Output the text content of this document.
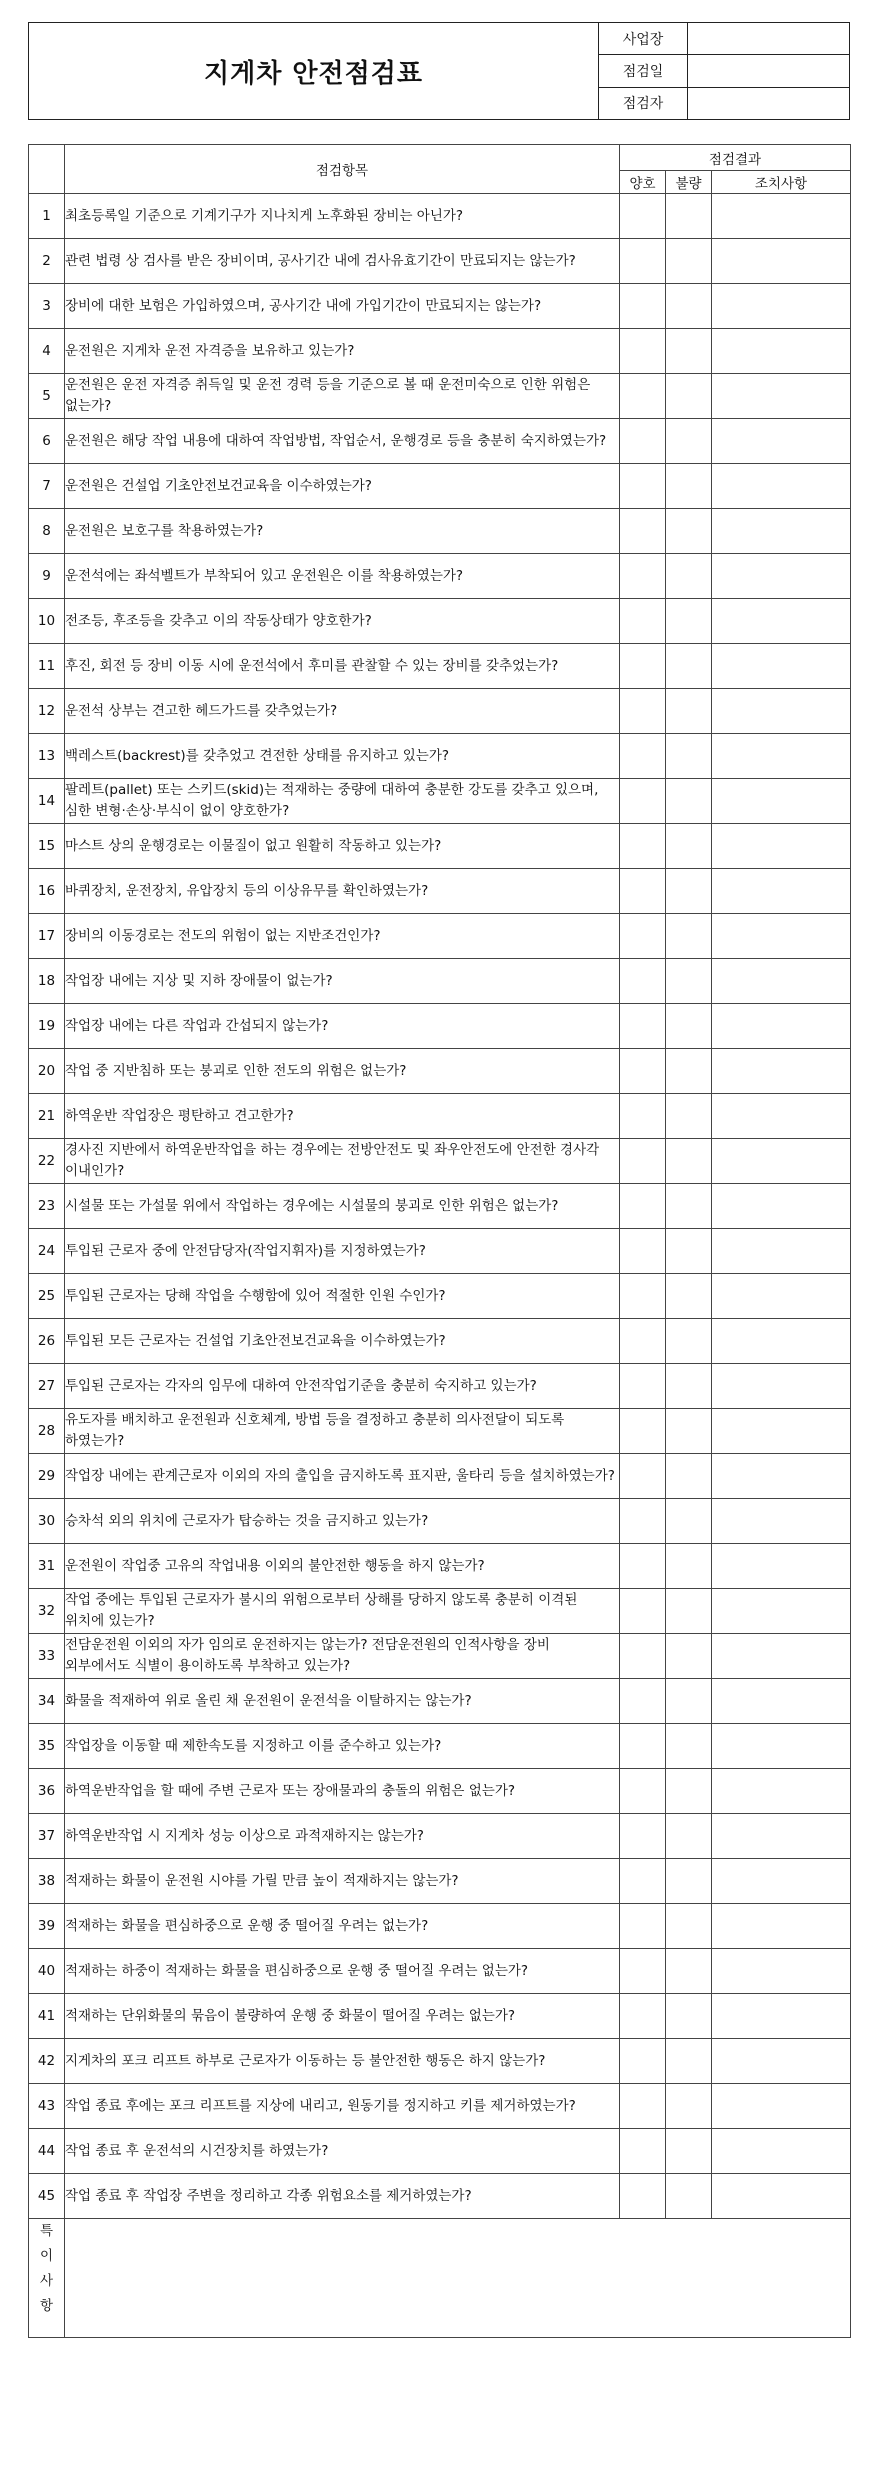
지게차 안전점검표
사업장
점검일
점검자
	점검항목	점검결과		
		양호	불량	조치사항
1	최초등록일 기준으로 기계기구가 지나치게 노후화된 장비는 아닌가?			
2	관련 법령 상 검사를 받은 장비이며, 공사기간 내에 검사유효기간이 만료되지는 않는가?			
3	장비에 대한 보험은 가입하였으며, 공사기간 내에 가입기간이 만료되지는 않는가?			
4	운전원은 지게차 운전 자격증을 보유하고 있는가?			
5	운전원은 운전 자격증 취득일 및 운전 경력 등을 기준으로 볼 때 운전미숙으로 인한 위험은 없는가?			
6	운전원은 해당 작업 내용에 대하여 작업방법, 작업순서, 운행경로 등을 충분히 숙지하였는가?			
7	운전원은 건설업 기초안전보건교육을 이수하였는가?			
8	운전원은 보호구를 착용하였는가?			
9	운전석에는 좌석벨트가 부착되어 있고 운전원은 이를 착용하였는가?			
10	전조등, 후조등을 갖추고 이의 작동상태가 양호한가?			
11	후진, 회전 등 장비 이동 시에 운전석에서 후미를 관찰할 수 있는 장비를 갖추었는가?			
12	운전석 상부는 견고한 헤드가드를 갖추었는가?			
13	백레스트(backrest)를 갖추었고 견전한 상태를 유지하고 있는가?			
14	팔레트(pallet) 또는 스키드(skid)는 적재하는 중량에 대하여 충분한 강도를 갖추고 있으며, 심한 변형·손상·부식이 없이 양호한가?			
15	마스트 상의 운행경로는 이물질이 없고 원활히 작동하고 있는가?			
16	바퀴장치, 운전장치, 유압장치 등의 이상유무를 확인하였는가?			
17	장비의 이동경로는 전도의 위험이 없는 지반조건인가?			
18	작업장 내에는 지상 및 지하 장애물이 없는가?			
19	작업장 내에는 다른 작업과 간섭되지 않는가?			
20	작업 중 지반침하 또는 붕괴로 인한 전도의 위험은 없는가?			
21	하역운반 작업장은 평탄하고 견고한가?			
22	경사진 지반에서 하역운반작업을 하는 경우에는 전방안전도 및 좌우안전도에 안전한 경사각 이내인가?			
23	시설물 또는 가설물 위에서 작업하는 경우에는 시설물의 붕괴로 인한 위험은 없는가?			
24	투입된 근로자 중에 안전담당자(작업지휘자)를 지정하였는가?			
25	투입된 근로자는 당해 작업을 수행함에 있어 적절한 인원 수인가?			
26	투입된 모든 근로자는 건설업 기초안전보건교육을 이수하였는가?			
27	투입된 근로자는 각자의 임무에 대하여 안전작업기준을 충분히 숙지하고 있는가?			
28	유도자를 배치하고 운전원과 신호체계, 방법 등을 결정하고 충분히 의사전달이 되도록 하였는가?			
29	작업장 내에는 관계근로자 이외의 자의 출입을 금지하도록 표지판, 울타리 등을 설치하였는가?			
30	승차석 외의 위치에 근로자가 탑승하는 것을 금지하고 있는가?			
31	운전원이 작업중 고유의 작업내용 이외의 불안전한 행동을 하지 않는가?			
32	작업 중에는 투입된 근로자가 불시의 위험으로부터 상해를 당하지 않도록 충분히 이격된 위치에 있는가?			
33	전담운전원 이외의 자가 임의로 운전하지는 않는가? 전담운전원의 인적사항을 장비 외부에서도 식별이 용이하도록 부착하고 있는가?			
34	화물을 적재하여 위로 올린 채 운전원이 운전석을 이탈하지는 않는가?			
35	작업장을 이동할 때 제한속도를 지정하고 이를 준수하고 있는가?			
36	하역운반작업을 할 때에 주변 근로자 또는 장애물과의 충돌의 위험은 없는가?			
37	하역운반작업 시 지게차 성능 이상으로 과적재하지는 않는가?			
38	적재하는 화물이 운전원 시야를 가릴 만큼 높이 적재하지는 않는가?			
39	적재하는 화물을 편심하중으로 운행 중 떨어질 우려는 없는가?			
40	적재하는 하중이 적재하는 화물을 편심하중으로 운행 중 떨어질 우려는 없는가?			
41	적재하는 단위화물의 묶음이 불량하여 운행 중 화물이 떨어질 우려는 없는가?			
42	지게차의 포크 리프트 하부로 근로자가 이동하는 등 불안전한 행동은 하지 않는가?			
43	작업 종료 후에는 포크 리프트를 지상에 내리고, 원동기를 정지하고 키를 제거하였는가?			
44	작업 종료 후 운전석의 시건장치를 하였는가?			
45	작업 종료 후 작업장 주변을 정리하고 각종 위험요소를 제거하였는가?			

특
이
사
항				
